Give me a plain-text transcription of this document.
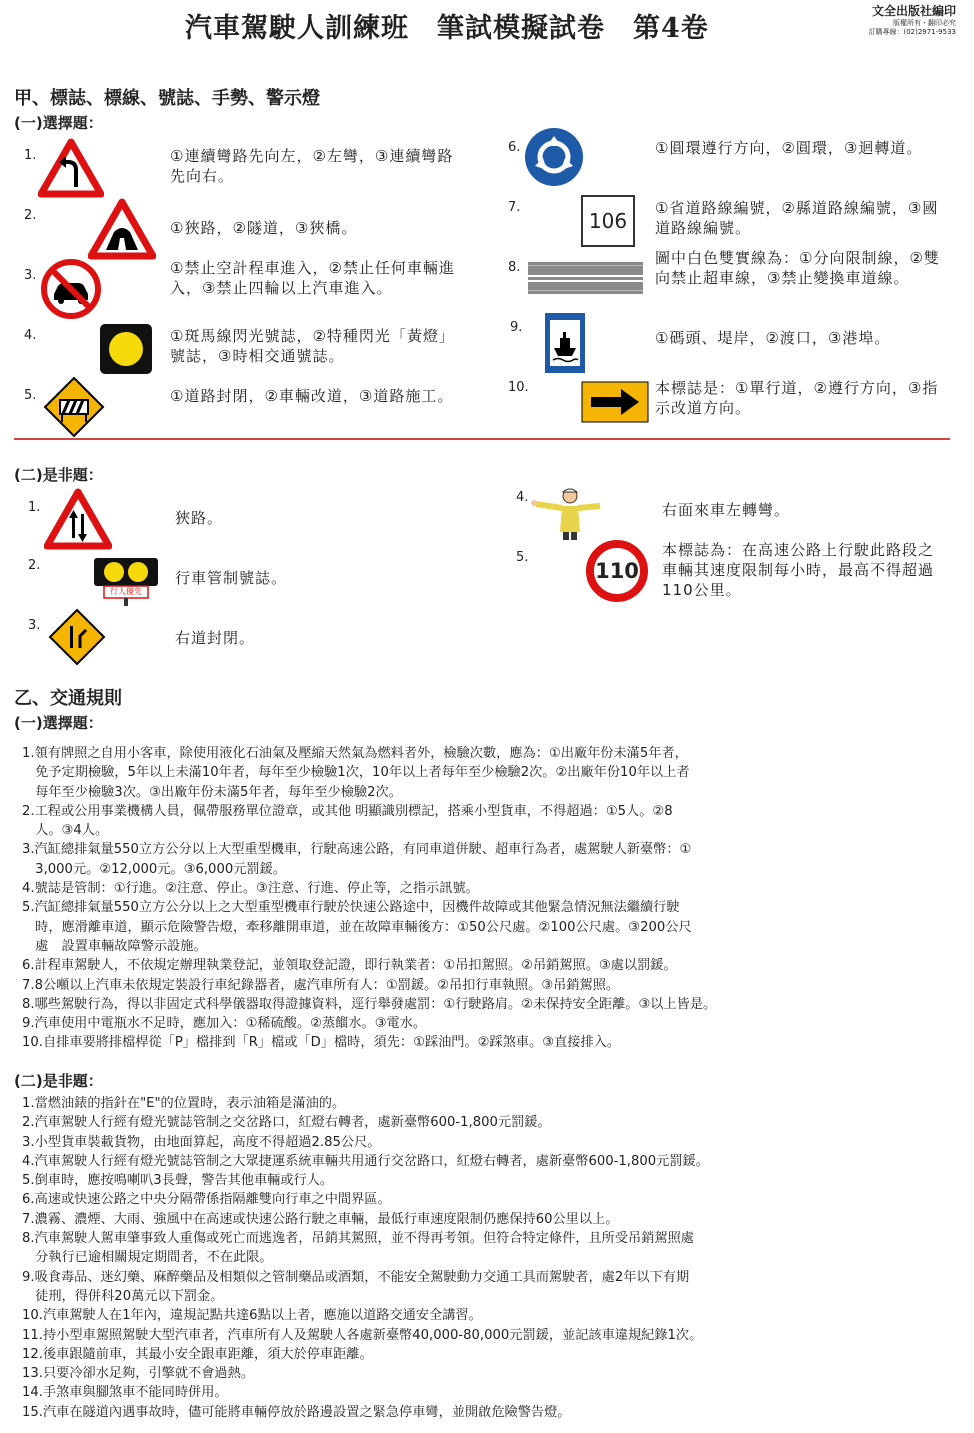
汽車駕駛人訓練班　筆試模擬試卷　第4卷
文全出版社編印
版權所有・翻印必究
訂購專線：(02)2971-9533
甲、標誌、標線、號誌、手勢、警示燈
(一)選擇題：
1.	①連續彎路先向左，②左彎，③連續彎路先向右。
2.
①狹路，②隧道，③狹橋。
3.	①禁止空計程車進入，②禁止任何車輛進入，③禁止四輪以上汽車進入。
4.	①斑馬線閃光號誌，②特種閃光「黃燈」號誌，③時相交通號誌。
5.	①道路封閉，②車輛改道，③道路施工。
6.	①圓環遵行方向，②圓環，③迴轉道。
7.
106
①省道路線編號，②縣道路線編號，③國道路線編號。
8.
圖中白色雙實線為：①分向限制線，②雙向禁止超車線，③禁止變換車道線。
9.
①碼頭、堤岸，②渡口，③港埠。
10.	本標誌是：①單行道，②遵行方向，③指示改道方向。
(二)是非題：
1.
狹路。
2.
行人優先
行車管制號誌。
3.
右道封閉。
4.
右面來車左轉彎。
5.
110
本標誌為：在高速公路上行駛此路段之車輛其速度限制每小時，最高不得超過110公里。
乙、交通規則
(一)選擇題：
1.領有牌照之自用小客車，除使用液化石油氣及壓縮天然氣為燃料者外，檢驗次數，應為：①出廠年份未滿5年者，
　免予定期檢驗，5年以上未滿10年者，每年至少檢驗1次，10年以上者每年至少檢驗2次。②出廠年份10年以上者
　每年至少檢驗3次。③出廠年份未滿5年者，每年至少檢驗2次。
2.工程或公用事業機構人員，佩帶服務單位證章，或其他 明顯識別標記，搭乘小型貨車，不得超過：①5人。②8
　人。③4人。
3.汽缸總排氣量550立方公分以上大型重型機車，行駛高速公路，有同車道併駛、超車行為者，處駕駛人新臺幣：①
　3,000元。②12,000元。③6,000元罰鍰。
4.號誌是管制：①行進。②注意、停止。③注意、行進、停止等，之指示訊號。
5.汽缸總排氣量550立方公分以上之大型重型機車行駛於快速公路途中，因機件故障或其他緊急情況無法繼續行駛
　時，應滑離車道，顯示危險警告燈，牽移離開車道，並在故障車輛後方：①50公尺處。②100公尺處。③200公尺
　處　設置車輛故障警示設施。
6.計程車駕駛人，不依規定辦理執業登記，並領取登記證，即行執業者：①吊扣駕照。②吊銷駕照。③處以罰鍰。
7.8公噸以上汽車未依規定裝設行車紀錄器者，處汽車所有人：①罰鍰。②吊扣行車執照。③吊銷駕照。
8.哪些駕駛行為，得以非固定式科學儀器取得證據資料，逕行舉發處罰：①行駛路肩。②未保持安全距離。③以上皆是。
9.汽車使用中電瓶水不足時，應加入：①稀硫酸。②蒸餾水。③電水。
10.自排車要將排檔桿從「P」檔排到「R」檔或「D」檔時，須先：①踩油門。②踩煞車。③直接排入。
(二)是非題：
1.當燃油錶的指針在"E"的位置時，表示油箱是滿油的。
2.汽車駕駛人行經有燈光號誌管制之交岔路口，紅燈右轉者，處新臺幣600-1,800元罰鍰。
3.小型貨車裝載貨物，由地面算起，高度不得超過2.85公尺。
4.汽車駕駛人行經有燈光號誌管制之大眾捷運系統車輛共用通行交岔路口，紅燈右轉者，處新臺幣600-1,800元罰鍰。
5.倒車時，應按鳴喇叭3長聲，警告其他車輛或行人。
6.高速或快速公路之中央分隔帶係指隔離雙向行車之中間界區。
7.濃霧、濃煙、大雨、強風中在高速或快速公路行駛之車輛，最低行車速度限制仍應保持60公里以上。
8.汽車駕駛人駕車肇事致人重傷或死亡而逃逸者，吊銷其駕照，並不得再考領。但符合特定條件，且所受吊銷駕照處
　分執行已逾相關規定期間者，不在此限。
9.吸食毒品、迷幻藥、麻醉藥品及相類似之管制藥品或酒類，不能安全駕駛動力交通工具而駕駛者，處2年以下有期
　徒刑，得併科20萬元以下罰金。
10.汽車駕駛人在1年內，違規記點共達6點以上者，應施以道路交通安全講習。
11.持小型車駕照駕駛大型汽車者，汽車所有人及駕駛人各處新臺幣40,000-80,000元罰鍰，並記該車違規紀錄1次。
12.後車跟隨前車，其最小安全跟車距離，須大於停車距離。
13.只要冷卻水足夠，引擎就不會過熱。
14.手煞車與腳煞車不能同時併用。
15.汽車在隧道內遇事故時，儘可能將車輛停放於路邊設置之緊急停車彎，並開啟危險警告燈。
